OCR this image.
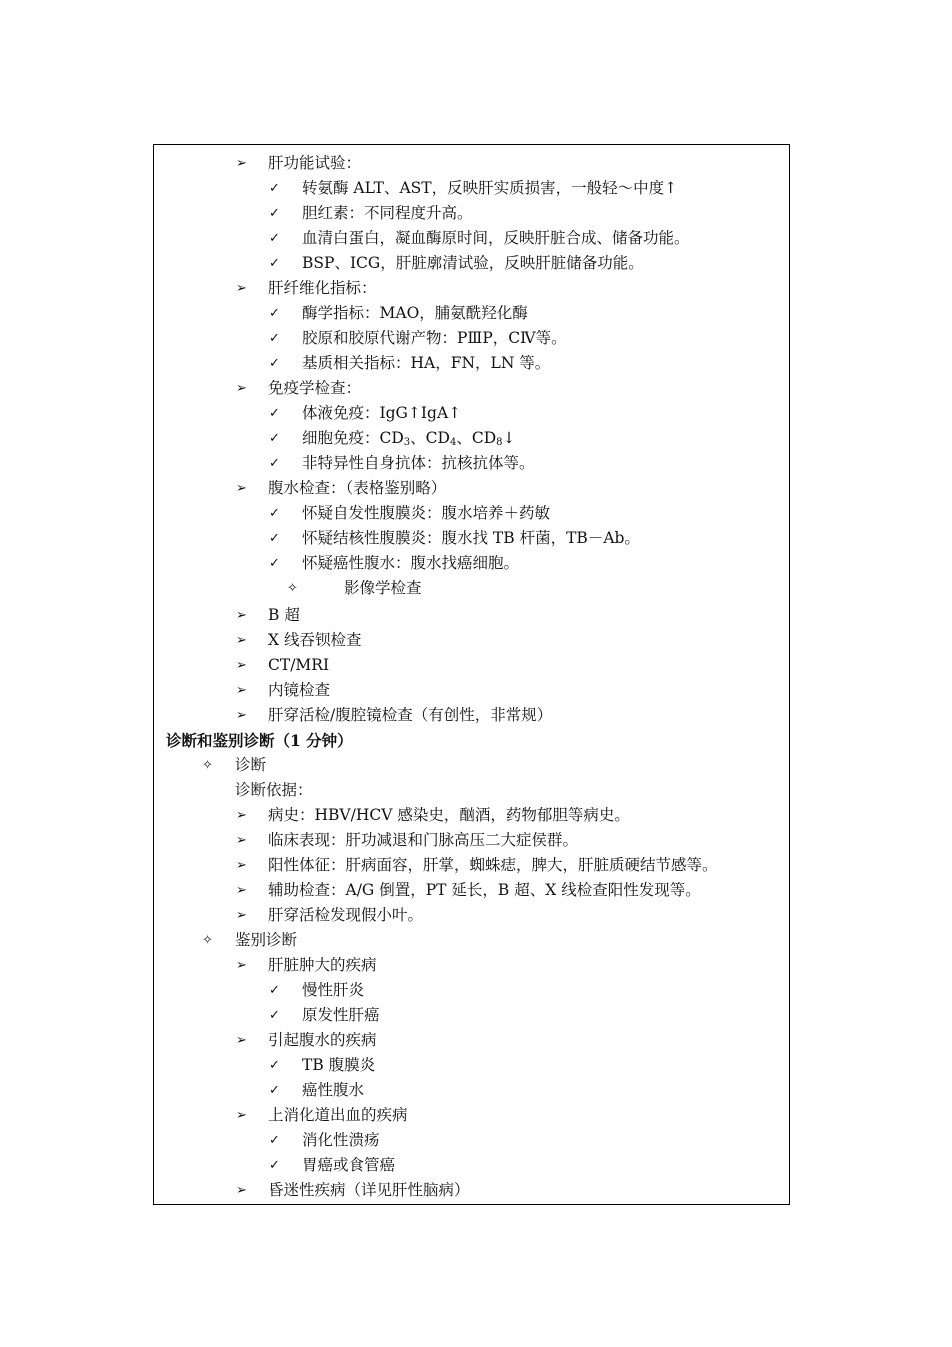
➢ 肝功能试验：
✓ 转氨酶 ALT、AST，反映肝实质损害，一般轻～中度↑
✓ 胆红素：不同程度升高。
✓ 血清白蛋白，凝血酶原时间，反映肝脏合成、储备功能。
✓ BSP、ICG，肝脏廓清试验，反映肝脏储备功能。
➢ 肝纤维化指标：
✓ 酶学指标：MAO，脯氨酰羟化酶
✓ 胶原和胶原代谢产物：PⅢP，CⅣ等。
✓ 基质相关指标：HA，FN，LN 等。
➢ 免疫学检查：
✓ 体液免疫：IgG↑IgA↑
✓ 细胞免疫：$CD_3$、$CD_4$、$CD_8↓$
✓ 非特异性自身抗体：抗核抗体等。
➢ 腹水检查：（表格鉴别略）
✓ 怀疑自发性腹膜炎：腹水培养＋药敏
✓ 怀疑结核性腹膜炎：腹水找 TB 杆菌，TB－Ab。
✓ 怀疑癌性腹水：腹水找癌细胞。
✧	影像学检查
➢ B 超
➢ X 线吞钡检查
➢ CT/MRI
➢ 内镜检查
➢ 肝穿活检/腹腔镜检查（有创性，非常规）
诊断和鉴别诊断（1 分钟）
✧ 诊断
诊断依据：
➢ 病史：HBV/HCV 感染史，酗酒，药物郁胆等病史。
➢ 临床表现：肝功减退和门脉高压二大症侯群。
➢ 阳性体征：肝病面容，肝掌，蜘蛛痣，脾大，肝脏质硬结节感等。
➢ 辅助检查：A/G 倒置，PT 延长，B 超、X 线检查阳性发现等。
➢ 肝穿活检发现假小叶。
✧ 鉴别诊断
➢ 肝脏肿大的疾病
✓ 慢性肝炎
✓ 原发性肝癌
➢ 引起腹水的疾病
✓ TB 腹膜炎
✓ 癌性腹水
➢ 上消化道出血的疾病
✓ 消化性溃疡
✓ 胃癌或食管癌
➢ 昏迷性疾病（详见肝性脑病）
